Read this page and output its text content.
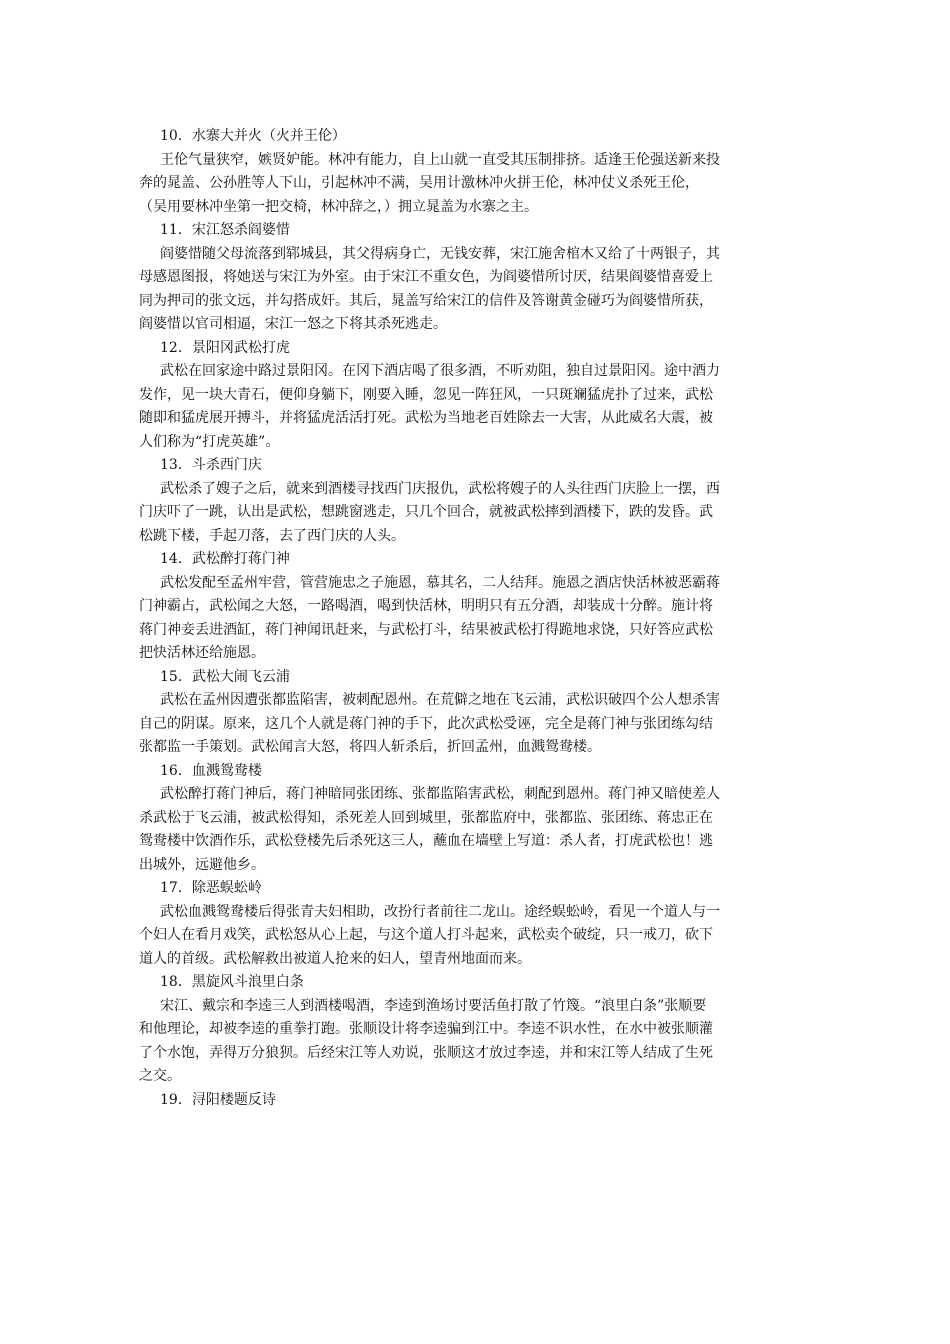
10．水寨大并火（火并王伦）
王伦气量狭窄，嫉贤妒能。林冲有能力，自上山就一直受其压制排挤。适逢王伦强送新来投
奔的晁盖、公孙胜等人下山，引起林冲不满，吴用计激林冲火拼王伦，林冲仗义杀死王伦，
（吴用要林冲坐第一把交椅，林冲辞之，）拥立晁盖为水寨之主。
11．宋江怒杀阎婆惜
阎婆惜随父母流落到郓城县，其父得病身亡，无钱安葬，宋江施舍棺木又给了十两银子，其
母感恩图报，将她送与宋江为外室。由于宋江不重女色，为阎婆惜所讨厌，结果阎婆惜喜爱上
同为押司的张文远，并勾搭成奸。其后，晁盖写给宋江的信件及答谢黄金碰巧为阎婆惜所获，
阎婆惜以官司相逼，宋江一怒之下将其杀死逃走。
12．景阳冈武松打虎
武松在回家途中路过景阳冈。在冈下酒店喝了很多酒，不听劝阻，独自过景阳冈。途中酒力
发作，见一块大青石，便仰身躺下，刚要入睡，忽见一阵狂风，一只斑斓猛虎扑了过来，武松
随即和猛虎展开搏斗，并将猛虎活活打死。武松为当地老百姓除去一大害，从此威名大震，被
人们称为“打虎英雄”。
13．斗杀西门庆
武松杀了嫂子之后，就来到酒楼寻找西门庆报仇，武松将嫂子的人头往西门庆脸上一摆，西
门庆吓了一跳，认出是武松，想跳窗逃走，只几个回合，就被武松摔到酒楼下，跌的发昏。武
松跳下楼，手起刀落，去了西门庆的人头。
14．武松醉打蒋门神
武松发配至孟州牢营，管营施忠之子施恩，慕其名，二人结拜。施恩之酒店快活林被恶霸蒋
门神霸占，武松闻之大怒，一路喝酒，喝到快活林，明明只有五分酒，却装成十分醉。施计将
蒋门神妾丢进酒缸，蒋门神闻讯赶来，与武松打斗，结果被武松打得跪地求饶，只好答应武松
把快活林还给施恩。
15．武松大闹飞云浦
武松在孟州因遭张都监陷害，被刺配恩州。在荒僻之地在飞云浦，武松识破四个公人想杀害
自己的阴谋。原来，这几个人就是蒋门神的手下，此次武松受诬，完全是蒋门神与张团练勾结
张都监一手策划。武松闻言大怒，将四人斩杀后，折回孟州，血溅鸳鸯楼。
16．血溅鸳鸯楼
武松醉打蒋门神后，蒋门神暗同张团练、张都监陷害武松，刺配到恩州。蒋门神又暗使差人
杀武松于飞云浦，被武松得知，杀死差人回到城里，张都监府中，张都监、张团练、蒋忠正在
鸳鸯楼中饮酒作乐，武松登楼先后杀死这三人，蘸血在墙壁上写道：杀人者，打虎武松也！逃
出城外，远避他乡。
17．除恶蜈蚣岭
武松血溅鸳鸯楼后得张青夫妇相助，改扮行者前往二龙山。途经蜈蚣岭，看见一个道人与一
个妇人在看月戏笑，武松怒从心上起，与这个道人打斗起来，武松卖个破绽，只一戒刀，砍下
道人的首级。武松解救出被道人抢来的妇人，望青州地面而来。
18．黑旋风斗浪里白条
宋江、戴宗和李逵三人到酒楼喝酒，李逵到渔场讨要活鱼打散了竹篾。“浪里白条”张顺要
和他理论，却被李逵的重拳打跑。张顺设计将李逵骗到江中。李逵不识水性，在水中被张顺灌
了个水饱，弄得万分狼狈。后经宋江等人劝说，张顺这才放过李逵，并和宋江等人结成了生死
之交。
19．浔阳楼题反诗
